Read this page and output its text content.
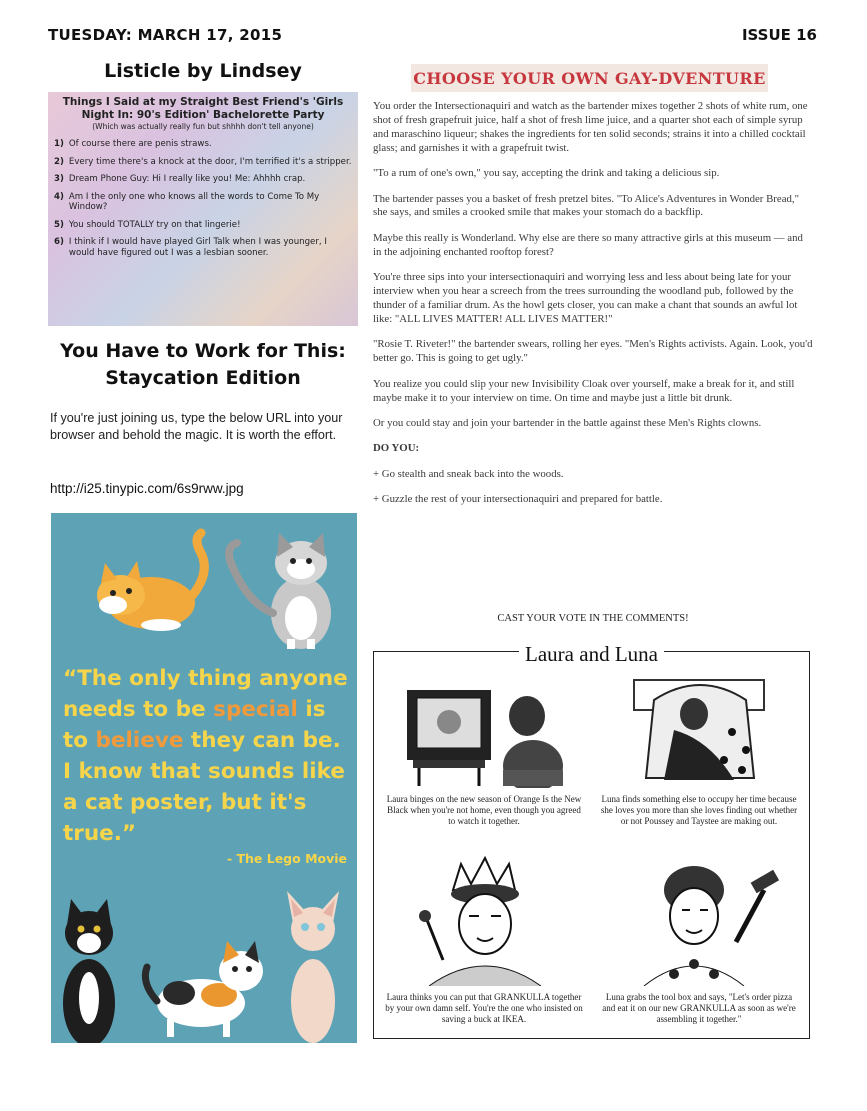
TUESDAY: MARCH 17, 2015	ISSUE 16
Listicle by Lindsey
Things I Said at my Straight Best Friend's 'Girls Night In: 90's Edition' Bachelorette Party
(Which was actually really fun but shhhh don't tell anyone)
1) Of course there are penis straws.
2) Every time there's a knock at the door, I'm terrified it's a stripper.
3) Dream Phone Guy: Hi I really like you! Me: Ahhhh crap.
4) Am I the only one who knows all the words to Come To My Window?
5) You should TOTALLY try on that lingerie!
6) I think if I would have played Girl Talk when I was younger, I would have figured out I was a lesbian sooner.
You Have to Work for This: Staycation Edition
If you're just joining us, type the below URL into your browser and behold the magic. It is worth the effort.
http://i25.tinypic.com/6s9rww.jpg
“The only thing anyone needs to be special is to believe they can be. I know that sounds like a cat poster, but it's true.”
- The Lego Movie
CHOOSE YOUR OWN GAY-DVENTURE

You order the Intersectionaquiri and watch as the bartender mixes together 2 shots of white rum, one shot of fresh grapefruit juice, half a shot of fresh lime juice, and a quarter shot each of simple syrup and maraschino liqueur; shakes the ingredients for ten solid seconds; strains it into a chilled cocktail glass; and garnishes it with a grapefruit twist.

"To a rum of one's own," you say, accepting the drink and taking a delicious sip.

The bartender passes you a basket of fresh pretzel bites. "To Alice's Adventures in Wonder Bread," she says, and smiles a crooked smile that makes your stomach do a backflip.

Maybe this really is Wonderland. Why else are there so many attractive girls at this museum — and in the adjoining enchanted rooftop forest?

You're three sips into your intersectionaquiri and worrying less and less about being late for your interview when you hear a screech from the trees surrounding the woodland pub, followed by the thunder of a familiar drum. As the howl gets closer, you can make a chant that sounds an awful lot like: "ALL LIVES MATTER! ALL LIVES MATTER!"

"Rosie T. Riveter!" the bartender swears, rolling her eyes. "Men's Rights activists. Again. Look, you'd better go. This is going to get ugly."

You realize you could slip your new Invisibility Cloak over yourself, make a break for it, and still maybe make it to your interview on time. On time and maybe just a little bit drunk.

Or you could stay and join your bartender in the battle against these Men's Rights clowns.

DO YOU:

+ Go stealth and sneak back into the woods.

+ Guzzle the rest of your intersectionaquiri and prepared for battle.

CAST YOUR VOTE IN THE COMMENTS!
Laura and Luna
Laura binges on the new season of Orange Is the New Black when you're not home, even though you agreed to watch it together.
Luna finds something else to occupy her time because she loves you more than she loves finding out whether or not Poussey and Taystee are making out.
Laura thinks you can put that GRANKULLA together by your own damn self. You're the one who insisted on saving a buck at IKEA.
Luna grabs the tool box and says, "Let's order pizza and eat it on our new GRANKULLA as soon as we're assembling it together."
